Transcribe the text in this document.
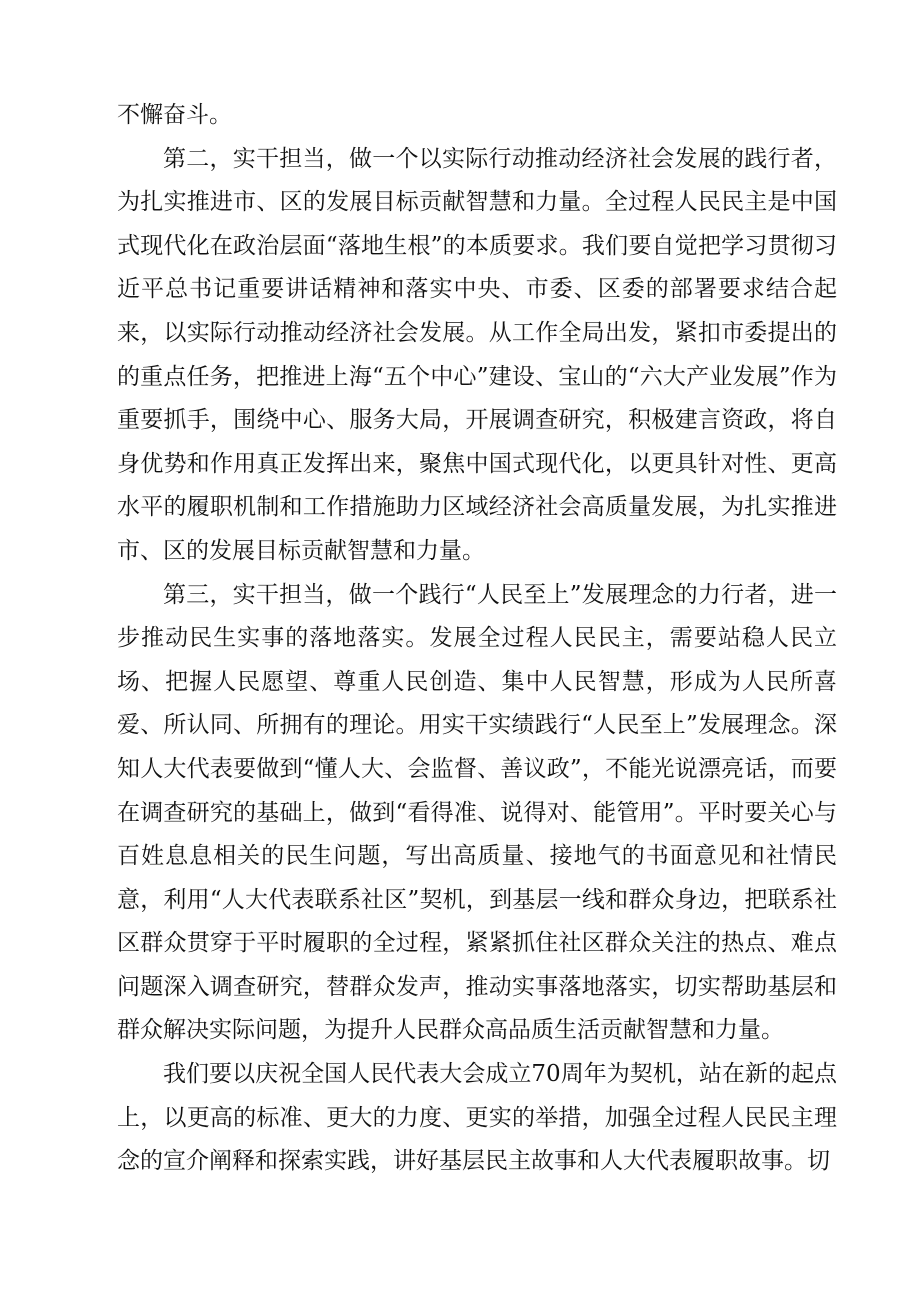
不懈奋斗。

第二，实干担当，做一个以实际行动推动经济社会发展的践行者，为扎实推进市、区的发展目标贡献智慧和力量。全过程人民民主是中国式现代化在政治层面“落地生根”的本质要求。我们要自觉把学习贯彻习近平总书记重要讲话精神和落实中央、市委、区委的部署要求结合起来，以实际行动推动经济社会发展。从工作全局出发，紧扣市委提出的的重点任务，把推进上海“五个中心”建设、宝山的“六大产业发展”作为重要抓手，围绕中心、服务大局，开展调查研究，积极建言资政，将自身优势和作用真正发挥出来，聚焦中国式现代化，以更具针对性、更高水平的履职机制和工作措施助力区域经济社会高质量发展，为扎实推进市、区的发展目标贡献智慧和力量。

第三，实干担当，做一个践行“人民至上”发展理念的力行者，进一步推动民生实事的落地落实。发展全过程人民民主，需要站稳人民立场、把握人民愿望、尊重人民创造、集中人民智慧，形成为人民所喜爱、所认同、所拥有的理论。用实干实绩践行“人民至上”发展理念。深知人大代表要做到“懂人大、会监督、善议政”，不能光说漂亮话，而要在调查研究的基础上，做到“看得准、说得对、能管用”。平时要关心与百姓息息相关的民生问题，写出高质量、接地气的书面意见和社情民意，利用“人大代表联系社区”契机，到基层一线和群众身边，把联系社区群众贯穿于平时履职的全过程，紧紧抓住社区群众关注的热点、难点问题深入调查研究，替群众发声，推动实事落地落实，切实帮助基层和群众解决实际问题，为提升人民群众高品质生活贡献智慧和力量。

我们要以庆祝全国人民代表大会成立70周年为契机，站在新的起点上，以更高的标准、更大的力度、更实的举措，加强全过程人民民主理念的宣介阐释和探索实践，讲好基层民主故事和人大代表履职故事。切
